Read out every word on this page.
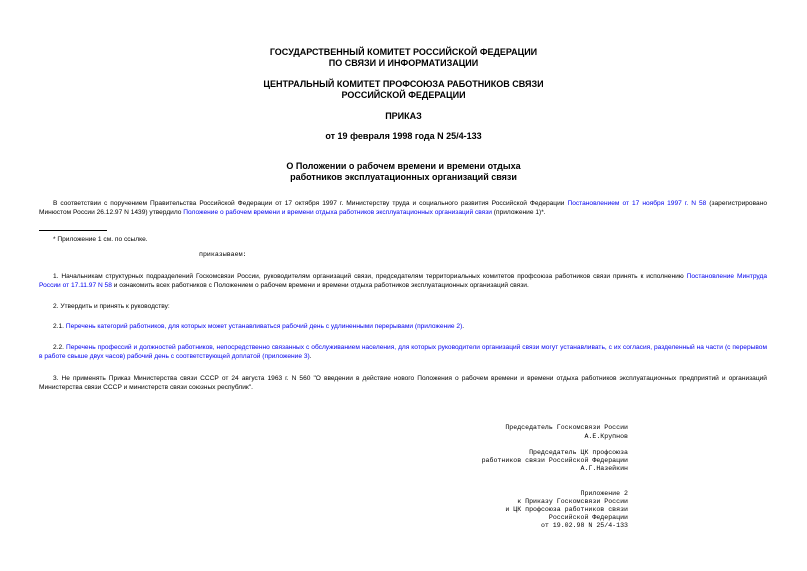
ГОСУДАРСТВЕННЫЙ КОМИТЕТ РОССИЙСКОЙ ФЕДЕРАЦИИ
ПО СВЯЗИ И ИНФОРМАТИЗАЦИИ
ЦЕНТРАЛЬНЫЙ КОМИТЕТ ПРОФСОЮЗА РАБОТНИКОВ СВЯЗИ
РОССИЙСКОЙ ФЕДЕРАЦИИ
ПРИКАЗ
от 19 февраля 1998 года N 25/4-133
О Положении о рабочем времени и времени отдыха
работников эксплуатационных организаций связи
В соответствии с поручением Правительства Российской Федерации от 17 октября 1997 г. Министерству труда и социального развития Российской Федерации Постановлением от 17 ноября 1997 г. N 58 (зарегистрировано Минюстом России 26.12.97 N 1439) утвердило Положение о рабочем времени и времени отдыха работников эксплуатационных организаций связи (приложение 1)*.
* Приложение 1 см. по ссылке.
приказываем:
1. Начальникам структурных подразделений Госкомсвязи России, руководителям организаций связи, председателям территориальных комитетов профсоюза работников связи принять к исполнению Постановление Минтруда России от 17.11.97 N 58 и ознакомить всех работников с Положением о рабочем времени и времени отдыха работников эксплуатационных организаций связи.
2. Утвердить и принять к руководству:
2.1. Перечень категорий работников, для которых может устанавливаться рабочий день с удлиненными перерывами (приложение 2).
2.2. Перечень профессий и должностей работников, непосредственно связанных с обслуживанием населения, для которых руководители организаций связи могут устанавливать, с их согласия, разделенный на части (с перерывом в работе свыше двух часов) рабочий день с соответствующей доплатой (приложение 3).
3. Не применять Приказ Министерства связи СССР от 24 августа 1963 г. N 560 "О введении в действие нового Положения о рабочем времени и времени отдыха работников эксплуатационных предприятий и организаций Министерства связи СССР и министерств связи союзных республик".
Председатель Госкомсвязи России
А.Е.Крупнов
Председатель ЦК профсоюза
работников связи Российской Федерации
А.Г.Назейкин
Приложение 2
к Приказу Госкомсвязи России
и ЦК профсоюза работников связи
Российской Федерации
от 19.02.98 N 25/4-133
